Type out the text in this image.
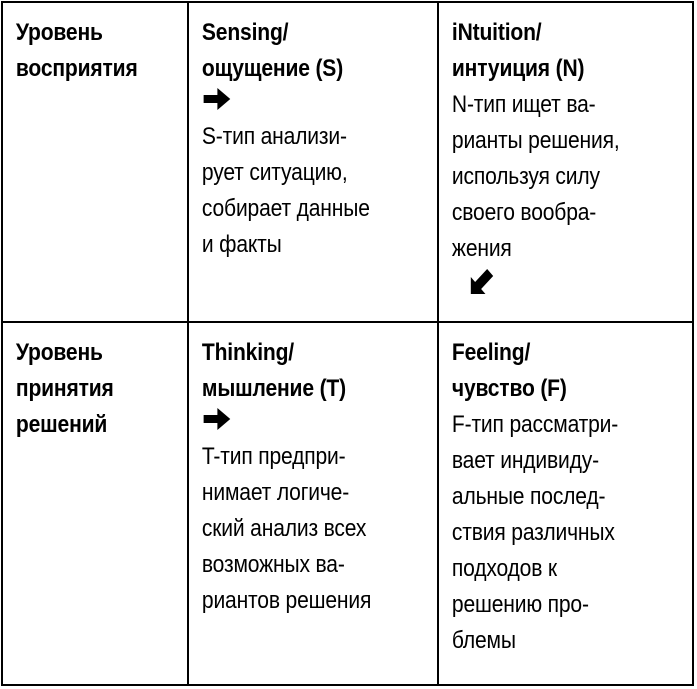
Уровень
восприятия
Sensing/
ощущение (S)
S-тип анализи-
рует ситуацию,
собирает данные
и факты
iNtuition/
интуиция (N)
N-тип ищет ва-
рианты решения,
используя силу
своего вообра-
жения
Уровень
принятия
решений
Thinking/
мышление (T)
T-тип предпри-
нимает логиче-
ский анализ всех
возможных ва-
риантов решения
Feeling/
чувство (F)
F-тип рассматри-
вает индивиду-
альные послед-
ствия различных
подходов к
решению про-
блемы
